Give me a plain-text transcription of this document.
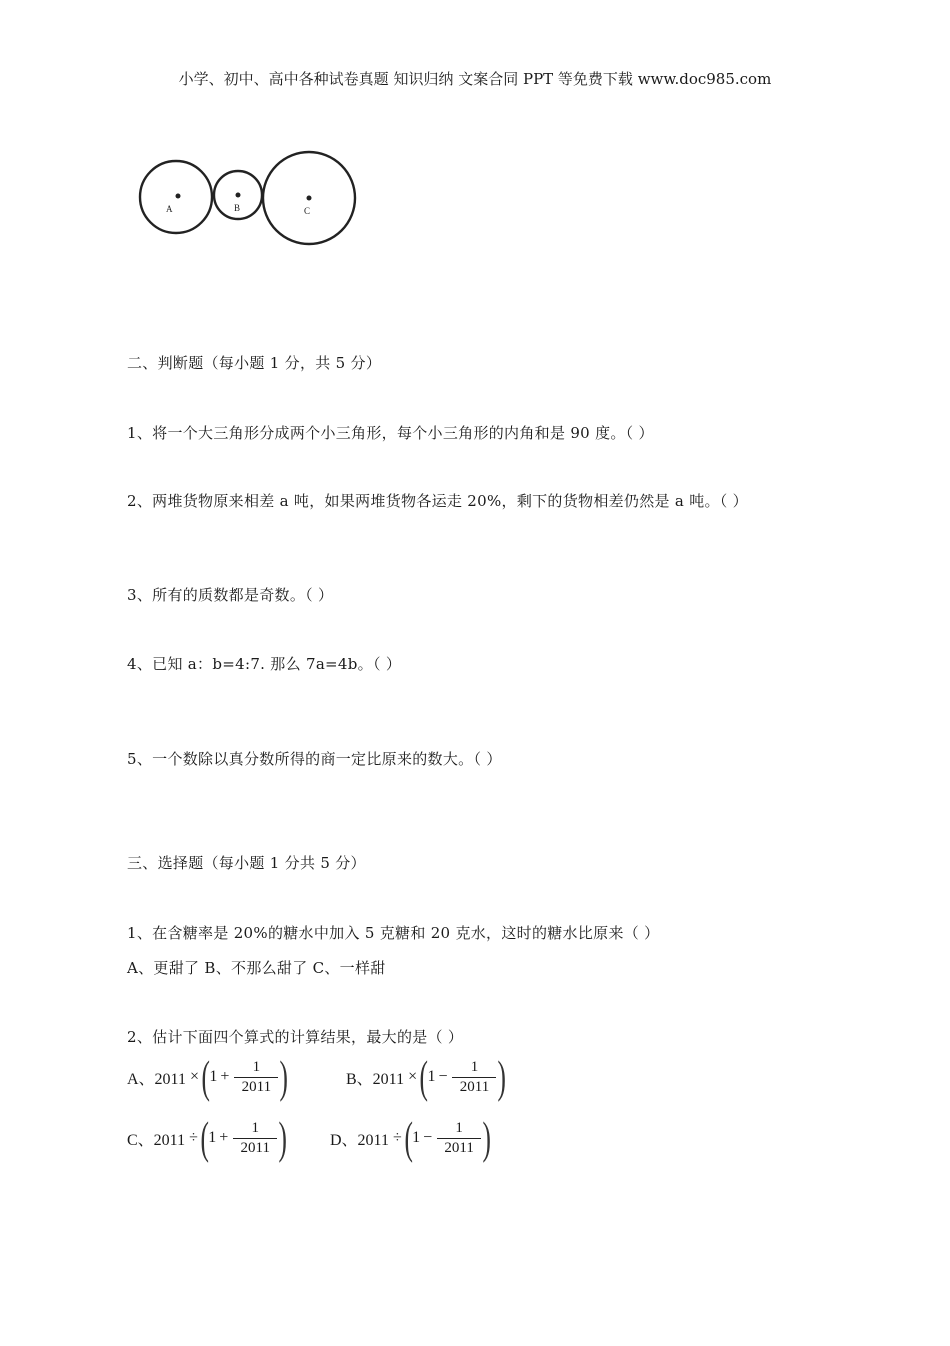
小学、初中、高中各种试卷真题 知识归纳 文案合同 PPT 等免费下载 www.doc985.com
A	B	C
二、判断题（每小题 1 分，共 5 分）
1、将一个大三角形分成两个小三角形，每个小三角形的内角和是 90 度。（ ）
2、两堆货物原来相差 a 吨，如果两堆货物各运走 20%，剩下的货物相差仍然是 a 吨。（ ）
3、所有的质数都是奇数。（ ）
4、已知 a：b=4:7. 那么 7a=4b。（ ）
5、一个数除以真分数所得的商一定比原来的数大。（ ）
三、选择题（每小题 1 分共 5 分）
1、在含糖率是 20%的糖水中加入 5 克糖和 20 克水，这时的糖水比原来（ ）
A、更甜了 B、不那么甜了 C、一样甜
2、估计下面四个算式的计算结果，最大的是（ ）
A、2011 × ( $1 + \frac{1}{2011}$ )	B、2011 × ( $1 - \frac{1}{2011}$ )
C、2011 ÷ ( $1 + \frac{1}{2011}$ )	D、2011 ÷ ( $1 - \frac{1}{2011}$ )
